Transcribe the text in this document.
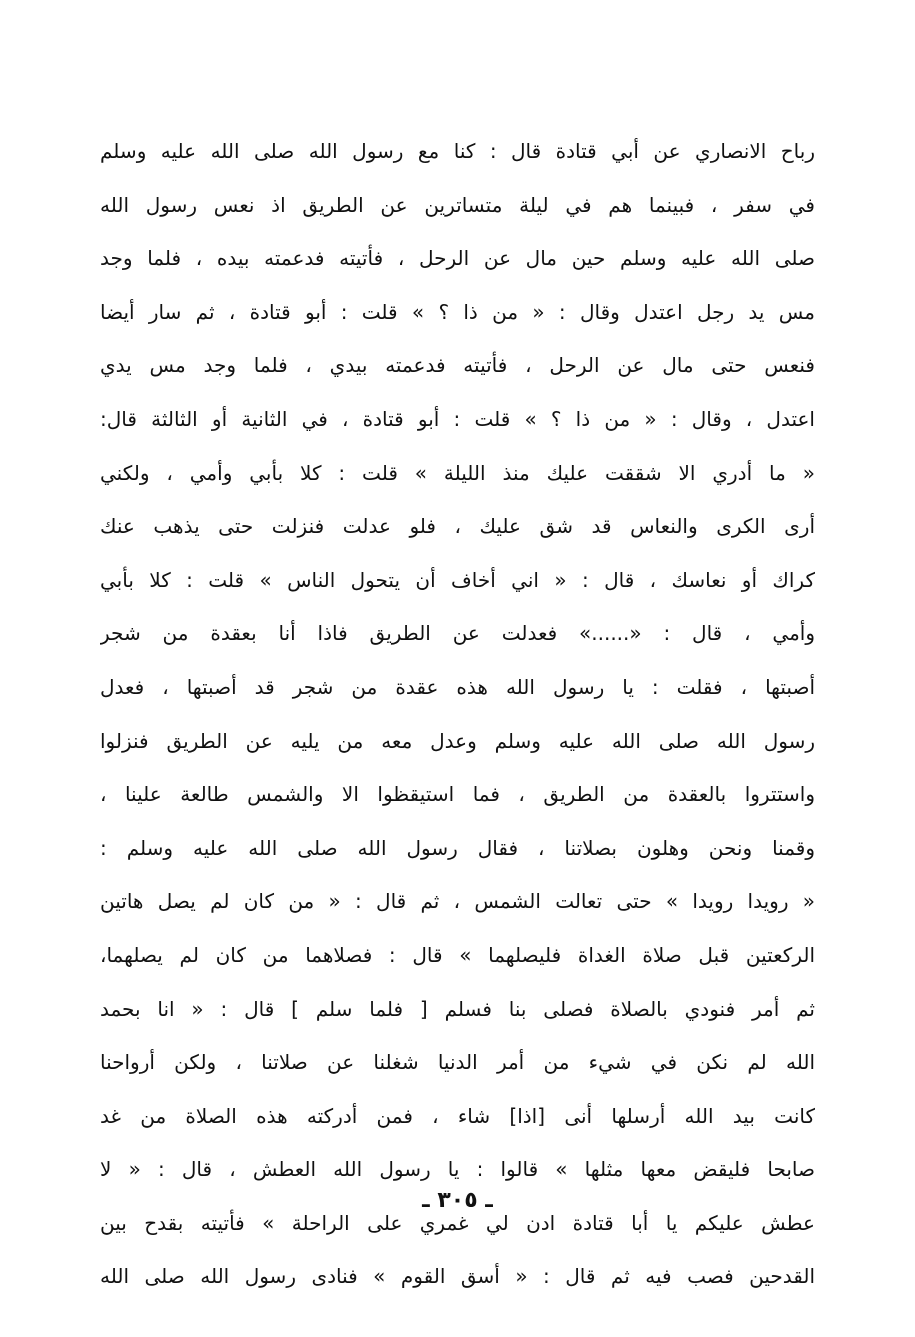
رباح الانصاري عن أبي قتادة قال : كنا مع رسول الله صلى الله عليه وسلم
في سفر ، فبينما هم في ليلة متساترين عن الطريق اذ نعس رسول الله
صلى الله عليه وسلم حين مال عن الرحل ، فأتيته فدعمته بيده ، فلما وجد
مس يد رجل اعتدل وقال : « من ذا ؟ » قلت : أبو قتادة ، ثم سار أيضا
فنعس حتى مال عن الرحل ، فأتيته فدعمته بيدي ، فلما وجد مس يدي
اعتدل ، وقال : « من ذا ؟ » قلت : أبو قتادة ، في الثانية أو الثالثة قال:
« ما أدري الا شققت عليك منذ الليلة » قلت : كلا بأبي وأمي ، ولكني
أرى الكرى والنعاس قد شق عليك ، فلو عدلت فنزلت حتى يذهب عنك
كراك أو نعاسك ، قال : « اني أخاف أن يتحول الناس » قلت : كلا بأبي
وأمي ، قال : «......» فعدلت عن الطريق فاذا أنا بعقدة من شجر
أصبتها ، فقلت : يا رسول الله هذه عقدة من شجر قد أصبتها ، فعدل
رسول الله صلى الله عليه وسلم وعدل معه من يليه عن الطريق فنزلوا
واستتروا بالعقدة من الطريق ، فما استيقظوا الا والشمس طالعة علينا ،
وقمنا ونحن وهلون بصلاتنا ، فقال رسول الله صلى الله عليه وسلم :
« رويدا رويدا » حتى تعالت الشمس ، ثم قال : « من كان لم يصل هاتين
الركعتين قبل صلاة الغداة فليصلهما » قال : فصلاهما من كان لم يصلهما،
ثم أمر فنودي بالصلاة فصلى بنا فسلم [ فلما سلم ] قال : « انا بحمد
الله لم نكن في شيء من أمر الدنيا شغلنا عن صلاتنا ، ولكن أرواحنا
كانت بيد الله أرسلها أنى [اذا] شاء ، فمن أدركته هذه الصلاة من غد
صابحا فليقض معها مثلها » قالوا : يا رسول الله العطش ، قال : « لا
عطش عليكم يا أبا قتادة ادن لي غمري على الراحلة » فأتيته بقدح بين
القدحين فصب فيه ثم قال : « أسق القوم » فنادى رسول الله صلى الله
ـ ٣٠٥ ـ
